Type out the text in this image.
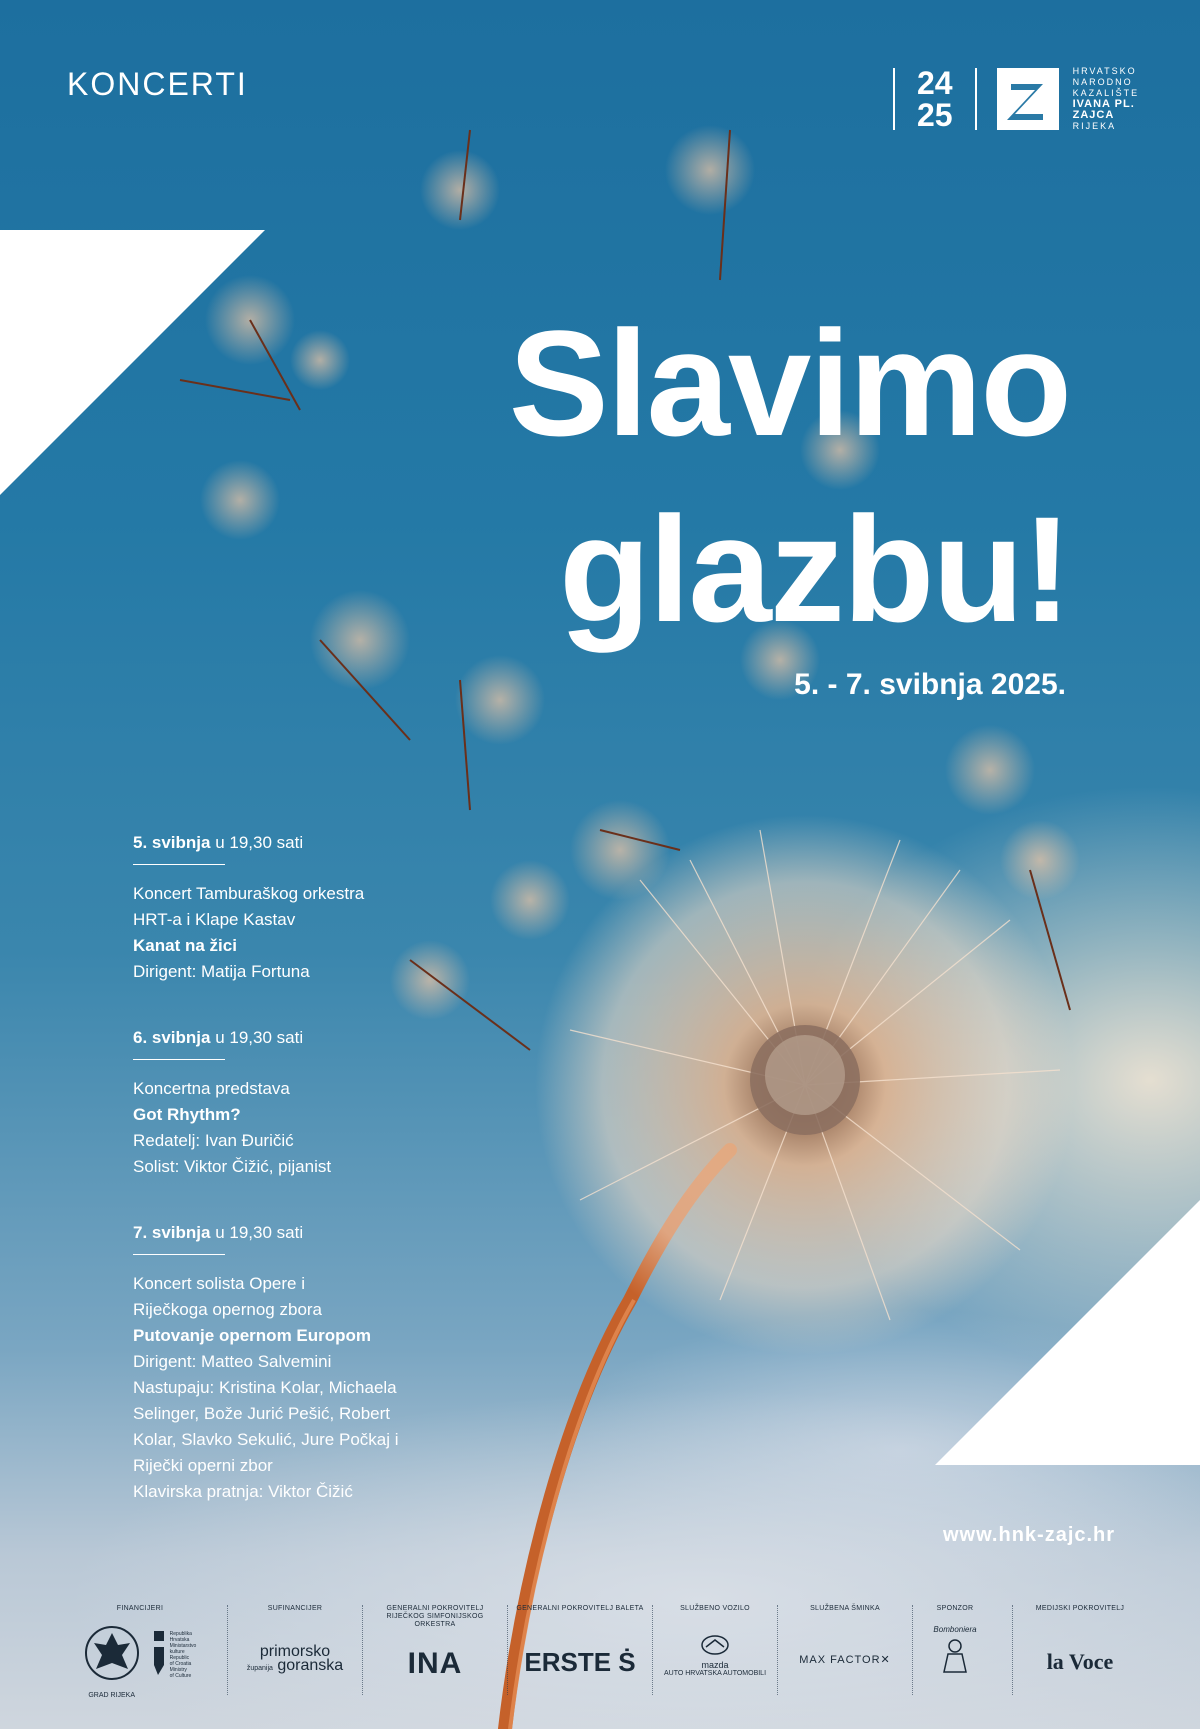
KONCERTI	24
25
HRVATSKO
NARODNO
KAZALIŠTE
IVANA PL.
ZAJCA
RIJEKA
Slavimo
glazbu!
5. - 7. svibnja 2025.
5. svibnja u 19,30 sati
Koncert Tamburaškog orkestra
HRT-a i Klape Kastav
Kanat na žici
Dirigent: Matija Fortuna
6. svibnja u 19,30 sati
Koncertna predstava
Got Rhythm?
Redatelj: Ivan Đuričić
Solist: Viktor Čižić, pijanist
7. svibnja u 19,30 sati
Koncert solista Opere i
Riječkoga opernog zbora
Putovanje opernom Europom
Dirigent: Matteo Salvemini
Nastupaju: Kristina Kolar, Michaela
Selinger, Bože Jurić Pešić, Robert
Kolar, Slavko Sekulić, Jure Počkaj i
Riječki operni zbor
Klavirska pratnja: Viktor Čižić
www.hnk-zajc.hr
FINANCIJERI
GRAD RIJEKA
Republika
Hrvatska
Ministarstvo
kulture
Republic
of Croatia
Ministry
of Culture
SUFINANCIJER
primorsko
županija goranska
GENERALNI POKROVITELJ RIJEČKOG SIMFONIJSKOG ORKESTRA
INA
GENERALNI POKROVITELJ BALETA
ERSTE Ṡ
SLUŽBENO VOZILO
mazda
AUTO HRVATSKA AUTOMOBILI
SLUŽBENA ŠMINKA
MAX FACTOR✕
SPONZOR
Bomboniera
MEDIJSKI POKROVITELJ
la Voce
